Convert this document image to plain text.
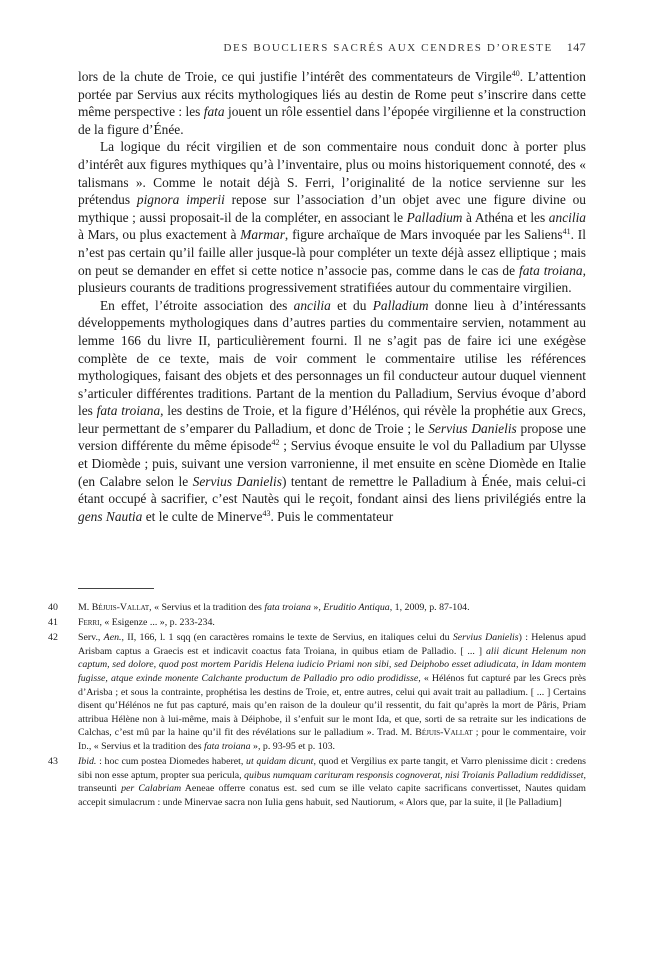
DES BOUCLIERS SACRÉS AUX CENDRES D’ORESTE 147

lors de la chute de Troie, ce qui justifie l’intérêt des commentateurs de Virgile$^{40}$. L’attention portée par Servius aux récits mythologiques liés au destin de Rome peut s’inscrire dans cette même perspective : les fata jouent un rôle essentiel dans l’épopée virgilienne et la construction de la figure d’Énée.

La logique du récit virgilien et de son commentaire nous conduit donc à porter plus d’intérêt aux figures mythiques qu’à l’inventaire, plus ou moins historiquement connoté, des « talismans ». Comme le notait déjà S. Ferri, l’originalité de la notice servienne sur les prétendus pignora imperii repose sur l’association d’un objet avec une figure divine ou mythique ; aussi proposait-il de la compléter, en associant le Palladium à Athéna et les ancilia à Mars, ou plus exactement à Marmar, figure archaïque de Mars invoquée par les Saliens$^{41}$. Il n’est pas certain qu’il faille aller jusque-là pour compléter un texte déjà assez elliptique ; mais on peut se demander en effet si cette notice n’associe pas, comme dans le cas de fata troiana, plusieurs courants de traditions progressivement stratifiées autour du commentaire virgilien.

En effet, l’étroite association des ancilia et du Palladium donne lieu à d’intéressants développements mythologiques dans d’autres parties du commentaire servien, notamment au lemme 166 du livre II, particulièrement fourni. Il ne s’agit pas de faire ici une exégèse complète de ce texte, mais de voir comment le commentaire utilise les références mythologiques, faisant des objets et des personnages un fil conducteur autour duquel viennent s’articuler différentes traditions. Partant de la mention du Palladium, Servius évoque d’abord les fata troiana, les destins de Troie, et la figure d’Hélénos, qui révèle la prophétie aux Grecs, leur permettant de s’emparer du Palladium, et donc de Troie ; le Servius Danielis propose une version différente du même épisode$^{42}$ ; Servius évoque ensuite le vol du Palladium par Ulysse et Diomède ; puis, suivant une version varronienne, il met ensuite en scène Diomède en Italie (en Calabre selon le Servius Danielis) tentant de remettre le Palladium à Énée, mais celui-ci étant occupé à sacrifier, c’est Nautès qui le reçoit, fondant ainsi des liens privilégiés entre la gens Nautia et le culte de Minerve$^{43}$. Puis le commentateur

40 M. Béjuis-Vallat, « Servius et la tradition des fata troiana », Eruditio Antiqua, 1, 2009, p. 87-104.
41 Ferri, « Esigenze ... », p. 233-234.
42 Serv., Aen., II, 166, l. 1 sqq (en caractères romains le texte de Servius, en italiques celui du Servius Danielis) : Helenus apud Arisbam captus a Graecis est et indicavit coactus fata Troiana, in quibus etiam de Palladio. [ ... ] alii dicunt Helenum non captum, sed dolore, quod post mortem Paridis Helena iudicio Priami non sibi, sed Deiphobo esset adiudicata, in Idam montem fugisse, atque exinde monente Calchante productum de Palladio pro odio prodidisse, « Hélénos fut capturé par les Grecs près d’Arisba ; et sous la contrainte, prophétisa les destins de Troie, et, entre autres, celui qui avait trait au palladium. [ ... ] Certains disent qu’Hélénos ne fut pas capturé, mais qu’en raison de la douleur qu’il ressentit, du fait qu’après la mort de Pâris, Priam attribua Hélène non à lui-même, mais à Déiphobe, il s’enfuit sur le mont Ida, et que, sorti de sa retraite sur les indications de Calchas, c’est mû par la haine qu’il fit des révélations sur le palladium ». Trad. M. Béjuis-Vallat ; pour le commentaire, voir Id., « Servius et la tradition des fata troiana », p. 93-95 et p. 103.
43 Ibid. : hoc cum postea Diomedes haberet, ut quidam dicunt, quod et Vergilius ex parte tangit, et Varro plenissime dicit : credens sibi non esse aptum, propter sua pericula, quibus numquam carituram responsis cognoverat, nisi Troianis Palladium reddidisset, transeunti per Calabriam Aeneae offerre conatus est. sed cum se ille velato capite sacrificans convertisset, Nautes quidam accepit simulacrum : unde Minervae sacra non Iulia gens habuit, sed Nautiorum, « Alors que, par la suite, il [le Palladium]
